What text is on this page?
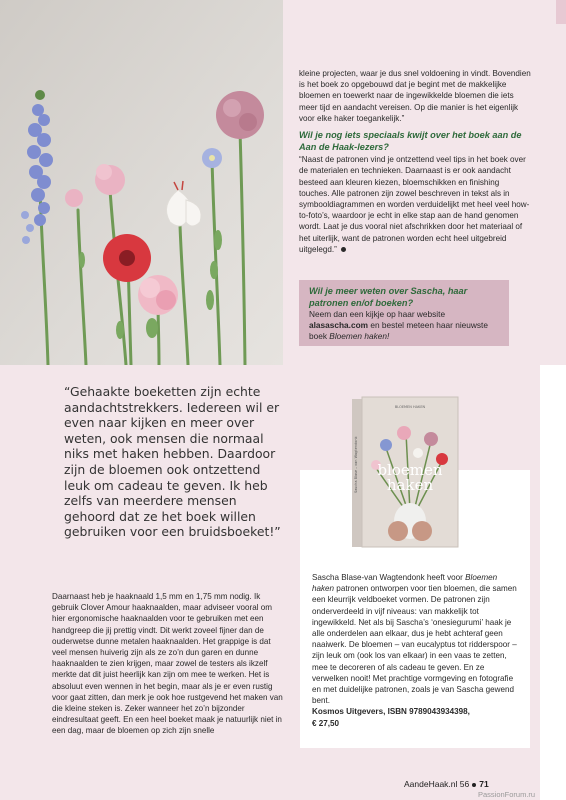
kleine projecten, waar je dus snel voldoening in vindt. Bovendien is het boek zo opgebouwd dat je begint met de makkelijke bloemen en toewerkt naar de ingewikkelde bloemen die iets meer tijd en aandacht vereisen. Op die manier is het eigenlijk voor elke haker toegankelijk.”

Wil je nog iets speciaals kwijt over het boek aan de Aan de Haak-lezers?

“Naast de patronen vind je ontzettend veel tips in het boek over de materialen en technieken. Daarnaast is er ook aandacht besteed aan kleuren kiezen, bloemschikken en finishing touches. Alle patronen zijn zowel beschreven in tekst als in symbooldiagrammen en worden verduidelijkt met heel veel how-to-foto’s, waardoor je echt in elke stap aan de hand genomen wordt. Laat je dus vooral niet afschrikken door het materiaal of het uiterlijk, want de patronen worden echt heel uitgebreid uitgelegd.”

Wil je meer weten over Sascha, haar patronen en/of boeken?
Neem dan een kijkje op haar website alasascha.com en bestel meteen haar nieuwste boek Bloemen haken!
“Gehaakte boeketten zijn echte aandachtstrekkers. Iedereen wil er even naar kijken en meer over weten, ook mensen die normaal niks met haken hebben. Daardoor zijn de bloemen ook ontzettend leuk om cadeau te geven. Ik heb zelfs van meerdere mensen gehoord dat ze het boek willen gebruiken voor een bruidsboeket!”
bloemen
haken
BLOEMEN HAKEN
Sascha Blase – van Wagtendonk
Sascha Blase-van Wagtendonk heeft voor Bloemen haken patronen ontworpen voor tien bloemen, die samen een kleurrijk veldboeket vormen. De patronen zijn onderverdeeld in vijf niveaus: van makkelijk tot ingewikkeld. Net als bij Sascha’s ‘onesiegurumi’ haak je alle onderdelen aan elkaar, dus je hebt achteraf geen naaiwerk. De bloemen – van eucalyptus tot ridderspoor – zijn leuk om (ook los van elkaar) in een vaas te zetten, mee te decoreren of als cadeau te geven. En ze verwelken nooit! Met prachtige vormgeving en fotografie en met duidelijke patronen, zoals je van Sascha gewend bent.
Kosmos Uitgevers, ISBN 9789043934398,
€ 27,50
Daarnaast heb je haaknaald 1,5 mm en 1,75 mm nodig. Ik gebruik Clover Amour haaknaalden, maar adviseer vooral om hier ergonomische haaknaalden voor te gebruiken met een handgreep die jij prettig vindt. Dit werkt zoveel fijner dan de ouderwetse dunne metalen haaknaalden. Het grappige is dat veel mensen huiverig zijn als ze zo’n dun garen en dunne haaknaalden te zien krijgen, maar zowel de testers als ikzelf merkte dat dit juist heerlijk kan zijn om mee te werken. Het is absoluut even wennen in het begin, maar als je er even rustig voor gaat zitten, dan merk je ook hoe rustgevend het maken van die kleine steken is. Zeker wanneer het zo’n bijzonder eindresultaat geeft. En een heel boeket maak je natuurlijk niet in een dag, maar de bloemen op zich zijn snelle
AandeHaak.nl 56 71
PassionForum.ru
